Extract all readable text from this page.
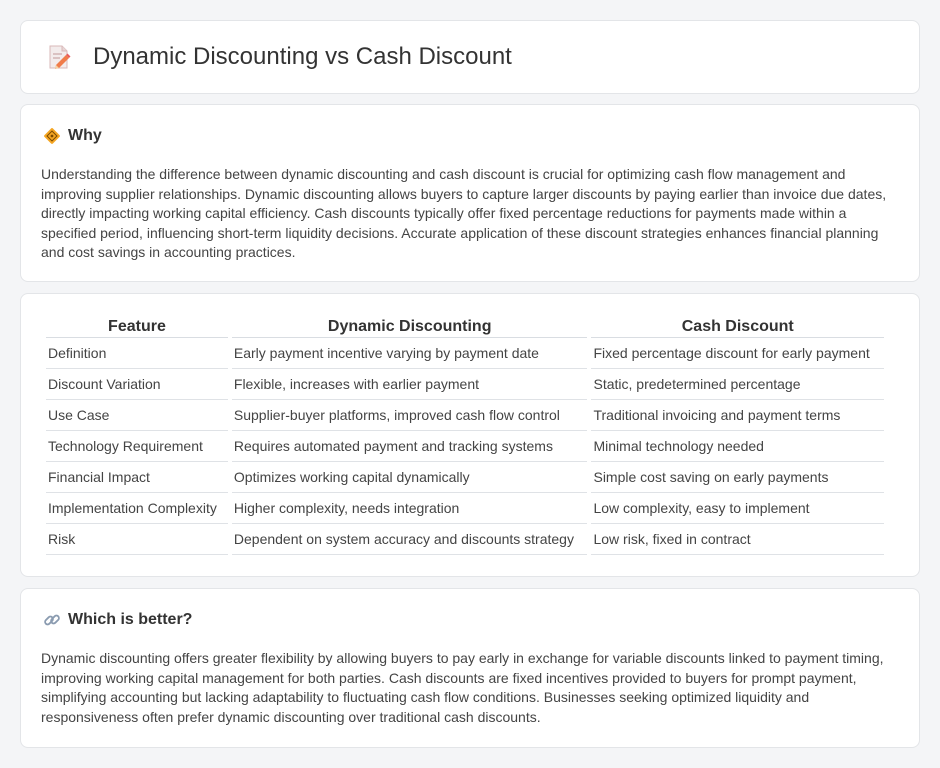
Dynamic Discounting vs Cash Discount
Why

Understanding the difference between dynamic discounting and cash discount is crucial for optimizing cash flow management and improving supplier relationships. Dynamic discounting allows buyers to capture larger discounts by paying earlier than invoice due dates, directly impacting working capital efficiency. Cash discounts typically offer fixed percentage reductions for payments made within a specified period, influencing short-term liquidity decisions. Accurate application of these discount strategies enhances financial planning and cost savings in accounting practices.

Feature	Dynamic Discounting	Cash Discount
Definition	Early payment incentive varying by payment date	Fixed percentage discount for early payment
Discount Variation	Flexible, increases with earlier payment	Static, predetermined percentage
Use Case	Supplier-buyer platforms, improved cash flow control	Traditional invoicing and payment terms
Technology Requirement	Requires automated payment and tracking systems	Minimal technology needed
Financial Impact	Optimizes working capital dynamically	Simple cost saving on early payments
Implementation Complexity	Higher complexity, needs integration	Low complexity, easy to implement
Risk	Dependent on system accuracy and discounts strategy	Low risk, fixed in contract
Which is better?

Dynamic discounting offers greater flexibility by allowing buyers to pay early in exchange for variable discounts linked to payment timing, improving working capital management for both parties. Cash discounts are fixed incentives provided to buyers for prompt payment, simplifying accounting but lacking adaptability to fluctuating cash flow conditions. Businesses seeking optimized liquidity and responsiveness often prefer dynamic discounting over traditional cash discounts.
